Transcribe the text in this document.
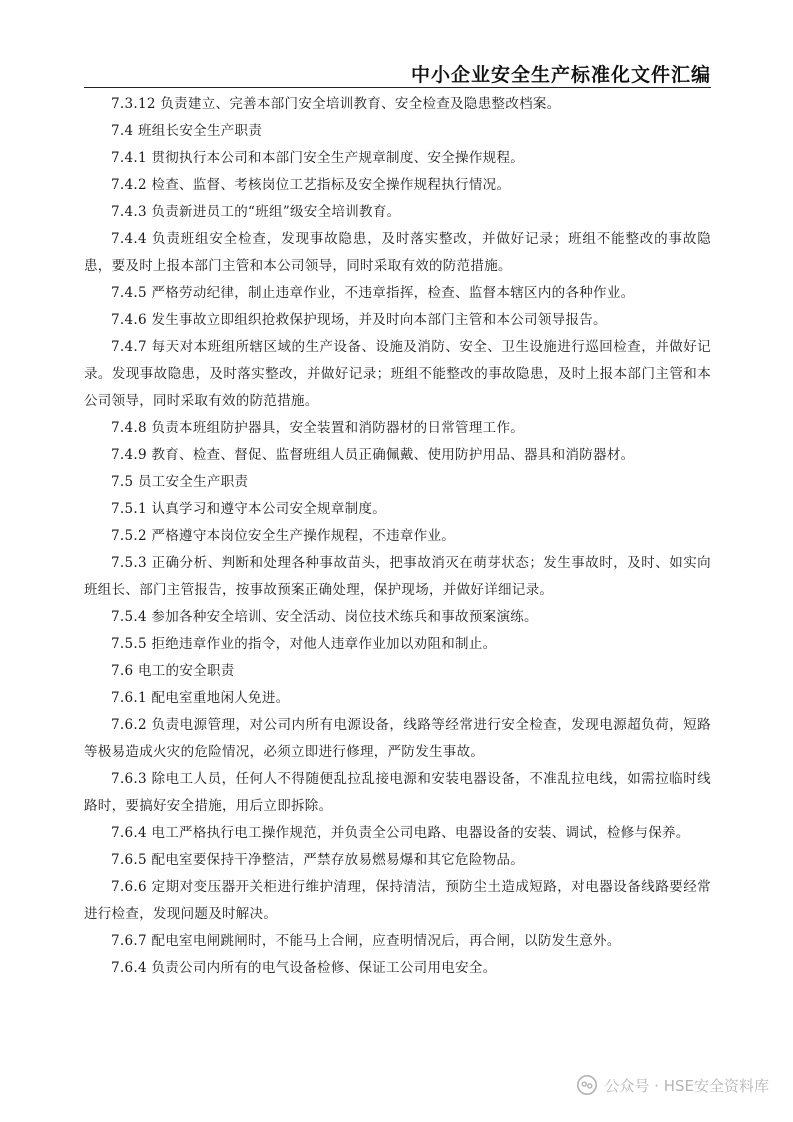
中小企业安全生产标准化文件汇编

7.3.12 负责建立、完善本部门安全培训教育、安全检查及隐患整改档案。

7.4 班组长安全生产职责

7.4.1 贯彻执行本公司和本部门安全生产规章制度、安全操作规程。

7.4.2 检查、监督、考核岗位工艺指标及安全操作规程执行情况。

7.4.3 负责新进员工的“班组”级安全培训教育。

7.4.4 负责班组安全检查，发现事故隐患，及时落实整改，并做好记录；班组不能整改的事故隐患，要及时上报本部门主管和本公司领导，同时采取有效的防范措施。

7.4.5 严格劳动纪律，制止违章作业，不违章指挥，检查、监督本辖区内的各种作业。

7.4.6 发生事故立即组织抢救保护现场，并及时向本部门主管和本公司领导报告。

7.4.7 每天对本班组所辖区域的生产设备、设施及消防、安全、卫生设施进行巡回检查，并做好记录。发现事故隐患，及时落实整改，并做好记录；班组不能整改的事故隐患，及时上报本部门主管和本公司领导，同时采取有效的防范措施。

7.4.8 负责本班组防护器具，安全装置和消防器材的日常管理工作。

7.4.9 教育、检查、督促、监督班组人员正确佩戴、使用防护用品、器具和消防器材。

7.5 员工安全生产职责

7.5.1 认真学习和遵守本公司安全规章制度。

7.5.2 严格遵守本岗位安全生产操作规程，不违章作业。

7.5.3 正确分析、判断和处理各种事故苗头，把事故消灭在萌芽状态；发生事故时，及时、如实向班组长、部门主管报告，按事故预案正确处理，保护现场，并做好详细记录。

7.5.4 参加各种安全培训、安全活动、岗位技术练兵和事故预案演练。

7.5.5 拒绝违章作业的指令，对他人违章作业加以劝阻和制止。

7.6 电工的安全职责

7.6.1 配电室重地闲人免进。

7.6.2 负责电源管理，对公司内所有电源设备，线路等经常进行安全检查，发现电源超负荷，短路等极易造成火灾的危险情况，必须立即进行修理，严防发生事故。

7.6.3 除电工人员，任何人不得随便乱拉乱接电源和安装电器设备，不准乱拉电线，如需拉临时线路时，要搞好安全措施，用后立即拆除。

7.6.4 电工严格执行电工操作规范，并负责全公司电路、电器设备的安装、调试，检修与保养。

7.6.5 配电室要保持干净整洁，严禁存放易燃易爆和其它危险物品。

7.6.6 定期对变压器开关柜进行维护清理，保持清洁，预防尘土造成短路，对电器设备线路要经常进行检查，发现问题及时解决。

7.6.7 配电室电闸跳闸时，不能马上合闸，应查明情况后，再合闸，以防发生意外。

7.6.4 负责公司内所有的电气设备检修、保证工公司用电安全。

公众号 · HSE安全资料库
